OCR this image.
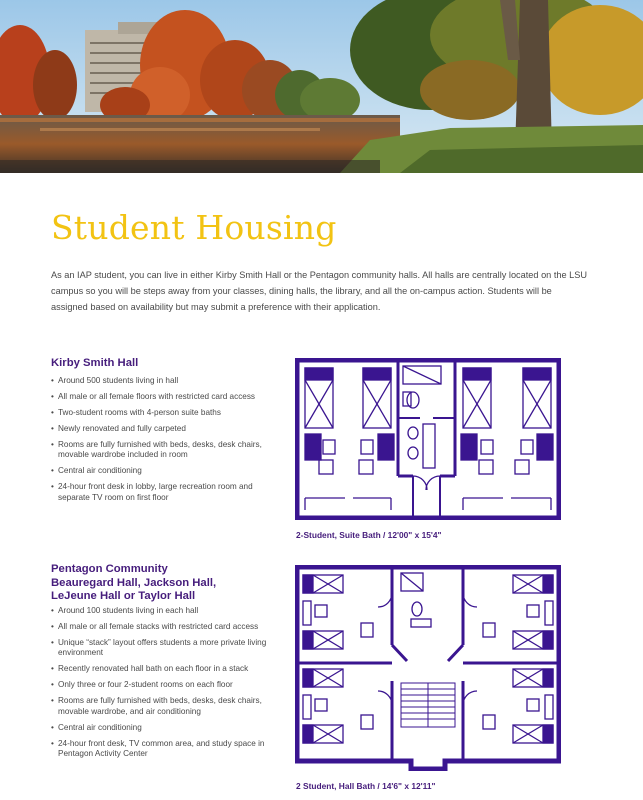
Student Housing

As an IAP student, you can live in either Kirby Smith Hall or the Pentagon community halls. All halls are centrally located on the LSU campus so you will be steps away from your classes, dining halls, the library, and all the on-campus action. Students will be assigned based on availability but may submit a preference with their application.

Kirby Smith Hall
• Around 500 students living in hall
• All male or all female floors with restricted card access
• Two-student rooms with 4-person suite baths
• Newly renovated and fully carpeted
• Rooms are fully furnished with beds, desks, desk chairs, movable wardrobe included in room
• Central air conditioning
• 24-hour front desk in lobby, large recreation room and separate TV room on first floor

2-Student, Suite Bath / 12'00" x 15'4"

Pentagon Community
Beauregard Hall, Jackson Hall,
LeJeune Hall or Taylor Hall
• Around 100 students living in each hall
• All male or all female stacks with restricted card access
• Unique “stack” layout offers students a more private living environment
• Recently renovated hall bath on each floor in a stack
• Only three or four 2-student rooms on each floor
• Rooms are fully furnished with beds, desks, desk chairs, movable wardrobe, and air conditioning
• Central air conditioning
• 24-hour front desk, TV common area, and study space in Pentagon Activity Center

2 Student, Hall Bath / 14'6" x 12'11"
